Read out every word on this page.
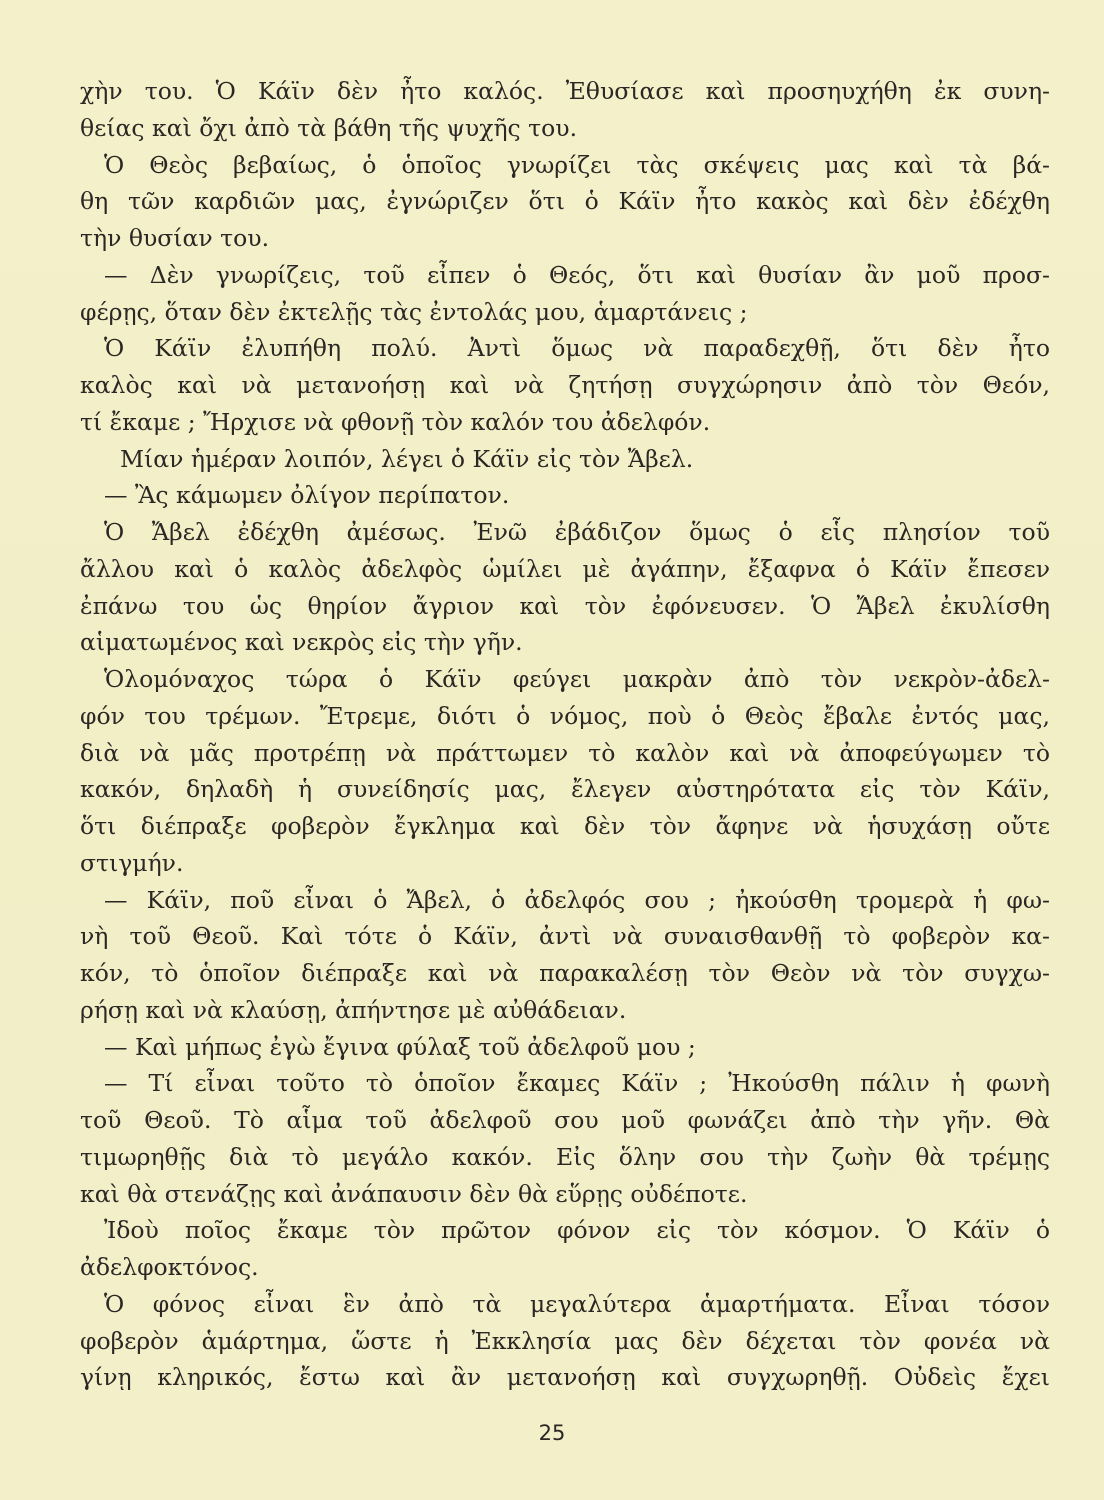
χὴν του. Ὁ Κάϊν δὲν ἦτο καλός. Ἐθυσίασε καὶ προσηυχήθη ἐκ συνη-
θείας καὶ ὄχι ἀπὸ τὰ βάθη τῆς ψυχῆς του.
Ὁ Θεὸς βεβαίως, ὁ ὁποῖος γνωρίζει τὰς σκέψεις μας καὶ τὰ βά-
θη τῶν καρδιῶν μας, ἐγνώριζεν ὅτι ὁ Κάϊν ἦτο κακὸς καὶ δὲν ἐδέχθη
τὴν θυσίαν του.
— Δὲν γνωρίζεις, τοῦ εἶπεν ὁ Θεός, ὅτι καὶ θυσίαν ἂν μοῦ προσ-
φέρῃς, ὅταν δὲν ἐκτελῇς τὰς ἐντολάς μου, ἁμαρτάνεις ;
Ὁ Κάϊν ἐλυπήθη πολύ. Ἀντὶ ὅμως νὰ παραδεχθῇ, ὅτι δὲν ἦτο
καλὸς καὶ νὰ μετανοήσῃ καὶ νὰ ζητήσῃ συγχώρησιν ἀπὸ τὸν Θεόν,
τί ἔκαμε ; Ἤρχισε νὰ φθονῇ τὸν καλόν του ἀδελφόν.
Μίαν ἡμέραν λοιπόν, λέγει ὁ Κάϊν εἰς τὸν Ἄβελ.
— Ἂς κάμωμεν ὀλίγον περίπατον.
Ὁ Ἄβελ ἐδέχθη ἀμέσως. Ἐνῶ ἐβάδιζον ὅμως ὁ εἷς πλησίον τοῦ
ἄλλου καὶ ὁ καλὸς ἀδελφὸς ὡμίλει μὲ ἀγάπην, ἔξαφνα ὁ Κάϊν ἔπεσεν
ἐπάνω του ὡς θηρίον ἄγριον καὶ τὸν ἐφόνευσεν. Ὁ Ἄβελ ἐκυλίσθη
αἱματωμένος καὶ νεκρὸς εἰς τὴν γῆν.
Ὁλομόναχος τώρα ὁ Κάϊν φεύγει μακρὰν ἀπὸ τὸν νεκρὸν-ἀδελ-
φόν του τρέμων. Ἔτρεμε, διότι ὁ νόμος, ποὺ ὁ Θεὸς ἔβαλε ἐντός μας,
διὰ νὰ μᾶς προτρέπῃ νὰ πράττωμεν τὸ καλὸν καὶ νὰ ἀποφεύγωμεν τὸ
κακόν, δηλαδὴ ἡ συνείδησίς μας, ἔλεγεν αὐστηρότατα εἰς τὸν Κάϊν,
ὅτι διέπραξε φοβερὸν ἔγκλημα καὶ δὲν τὸν ἄφηνε νὰ ἡσυχάσῃ οὔτε
στιγμήν.
— Κάϊν, ποῦ εἶναι ὁ Ἄβελ, ὁ ἀδελφός σου ; ἠκούσθη τρομερὰ ἡ φω-
νὴ τοῦ Θεοῦ. Καὶ τότε ὁ Κάϊν, ἀντὶ νὰ συναισθανθῇ τὸ φοβερὸν κα-
κόν, τὸ ὁποῖον διέπραξε καὶ νὰ παρακαλέσῃ τὸν Θεὸν νὰ τὸν συγχω-
ρήσῃ καὶ νὰ κλαύσῃ, ἀπήντησε μὲ αὐθάδειαν.
— Καὶ μήπως ἐγὼ ἔγινα φύλαξ τοῦ ἀδελφοῦ μου ;
— Τί εἶναι τοῦτο τὸ ὁποῖον ἔκαμες Κάϊν ; Ἠκούσθη πάλιν ἡ φωνὴ
τοῦ Θεοῦ. Τὸ αἷμα τοῦ ἀδελφοῦ σου μοῦ φωνάζει ἀπὸ τὴν γῆν. Θὰ
τιμωρηθῇς διὰ τὸ μεγάλο κακόν. Εἰς ὅλην σου τὴν ζωὴν θὰ τρέμῃς
καὶ θὰ στενάζῃς καὶ ἀνάπαυσιν δὲν θὰ εὕρῃς οὐδέποτε.
Ἰδοὺ ποῖος ἔκαμε τὸν πρῶτον φόνον εἰς τὸν κόσμον. Ὁ Κάϊν ὁ
ἀδελφοκτόνος.
Ὁ φόνος εἶναι ἓν ἀπὸ τὰ μεγαλύτερα ἁμαρτήματα. Εἶναι τόσον
φοβερὸν ἁμάρτημα, ὥστε ἡ Ἐκκλησία μας δὲν δέχεται τὸν φονέα νὰ
γίνῃ κληρικός, ἔστω καὶ ἂν μετανοήσῃ καὶ συγχωρηθῇ. Οὐδεὶς ἔχει
25
